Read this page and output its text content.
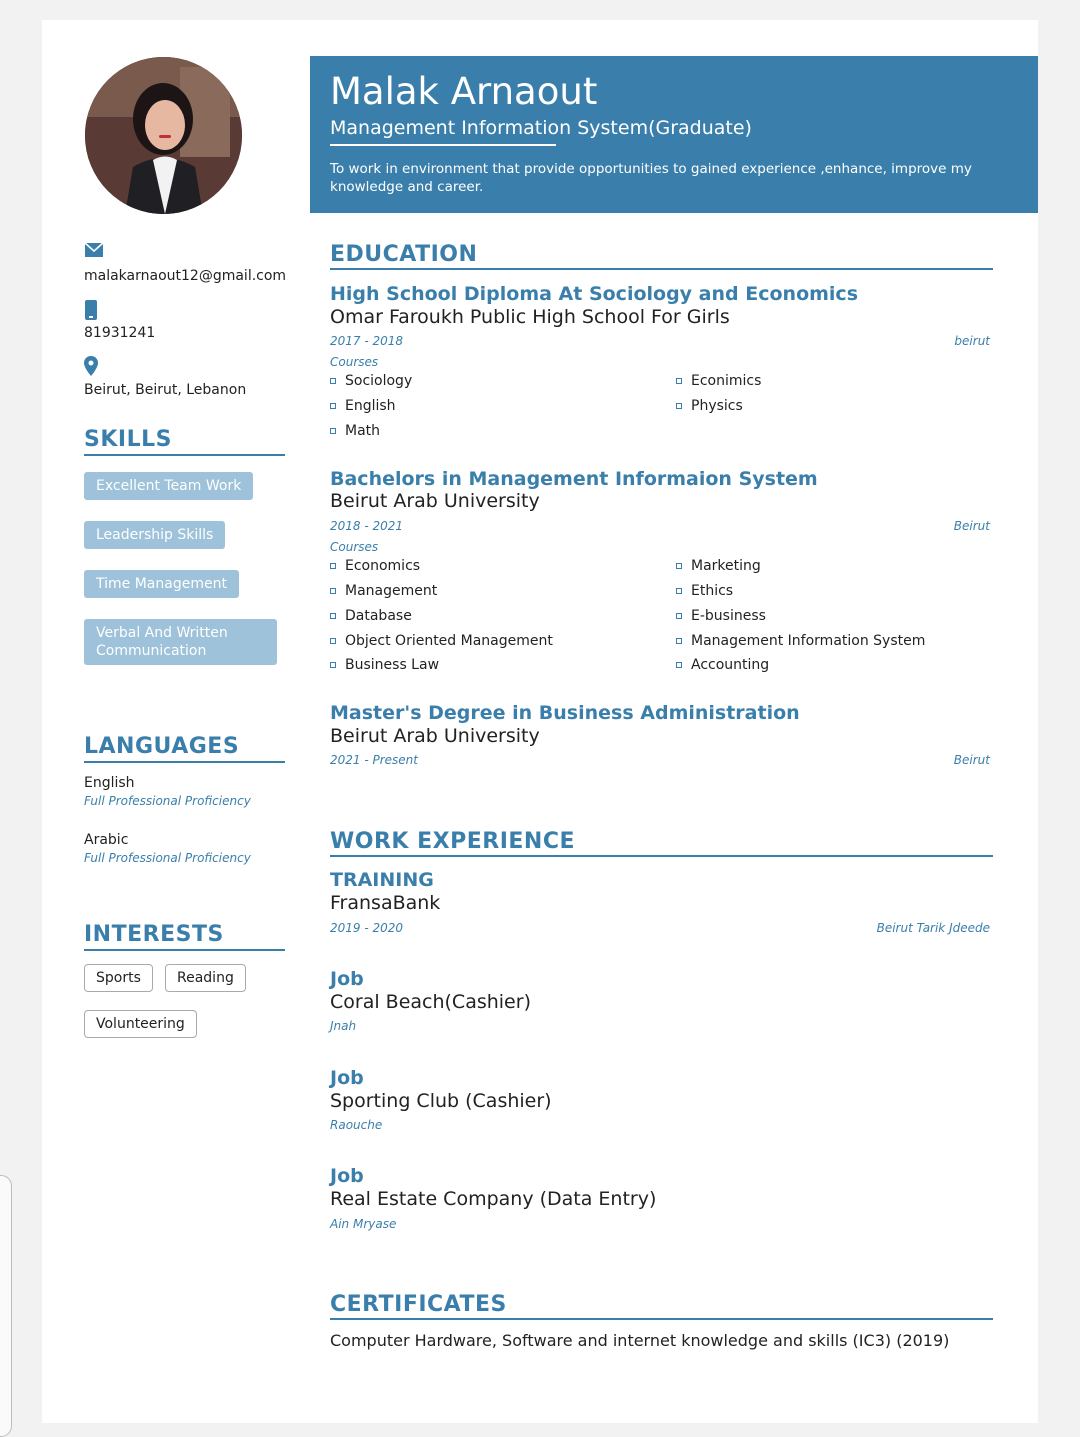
malakarnaout12@gmail.com
81931241
Beirut, Beirut, Lebanon
SKILLS
Excellent Team Work
Leadership Skills
Time Management
Verbal And Written Communication
LANGUAGES
English
Full Professional Proficiency
Arabic
Full Professional Proficiency
INTERESTS
Sports	Reading
Volunteering
Malak Arnaout
Management Information System(Graduate)
To work in environment that provide opportunities to gained experience ,enhance, improve my knowledge and career.
EDUCATION
High School Diploma At Sociology and Economics
Omar Faroukh Public High School For Girls
2017 - 2018	beirut
Courses
Sociology
English
Math
Econimics
Physics
Bachelors in Management Informaion System
Beirut Arab University
2018 - 2021	Beirut
Courses
Economics
Management
Database
Object Oriented Management
Business Law
Marketing
Ethics
E-business
Management Information System
Accounting
Master's Degree in Business Administration
Beirut Arab University
2021 - Present	Beirut
WORK EXPERIENCE
TRAINING
FransaBank
2019 - 2020	Beirut Tarik Jdeede
Job
Coral Beach(Cashier)
Jnah
Job
Sporting Club (Cashier)
Raouche
Job
Real Estate Company (Data Entry)
Ain Mryase
CERTIFICATES
Computer Hardware, Software and internet knowledge and skills (IC3) (2019)
